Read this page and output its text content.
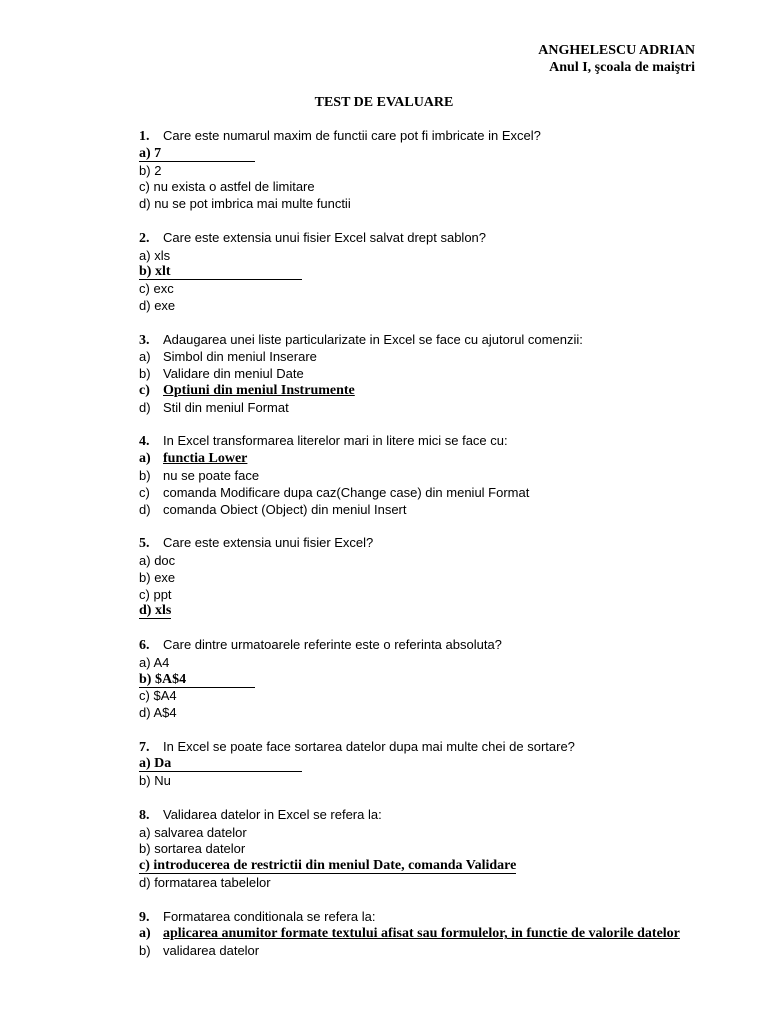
ANGHELESCU ADRIAN
Anul I, şcoala de maiştri
TEST DE EVALUARE
1. Care este numarul maxim de functii care pot fi imbricate in Excel?
a) 7
b) 2
c) nu exista o astfel de limitare
d) nu se pot imbrica mai multe functii
2. Care este extensia unui fisier Excel salvat drept sablon?
a) xls
b) xlt
c) exc
d) exe
3. Adaugarea unei liste particularizate in Excel se face cu ajutorul comenzii:
a) Simbol din meniul Inserare
b) Validare din meniul Date
c) Optiuni din meniul Instrumente
d) Stil din meniul Format
4. In Excel transformarea literelor mari in litere mici se face cu:
a) functia Lower
b) nu se poate face
c) comanda Modificare dupa caz(Change case) din meniul Format
d) comanda Obiect (Object) din meniul Insert
5. Care este extensia unui fisier Excel?
a) doc
b) exe
c) ppt
d) xls
6. Care dintre urmatoarele referinte este o referinta absoluta?
a) A4
b) $A$4
c) $A4
d) A$4
7. In Excel se poate face sortarea datelor dupa mai multe chei de sortare?
a) Da
b) Nu
8. Validarea datelor in Excel se refera la:
a) salvarea datelor
b) sortarea datelor
c) introducerea de restrictii din meniul Date, comanda Validare
d) formatarea tabelelor
9. Formatarea conditionala se refera la:
a) aplicarea anumitor formate textului afisat sau formulelor, in functie de valorile datelor
b) validarea datelor
